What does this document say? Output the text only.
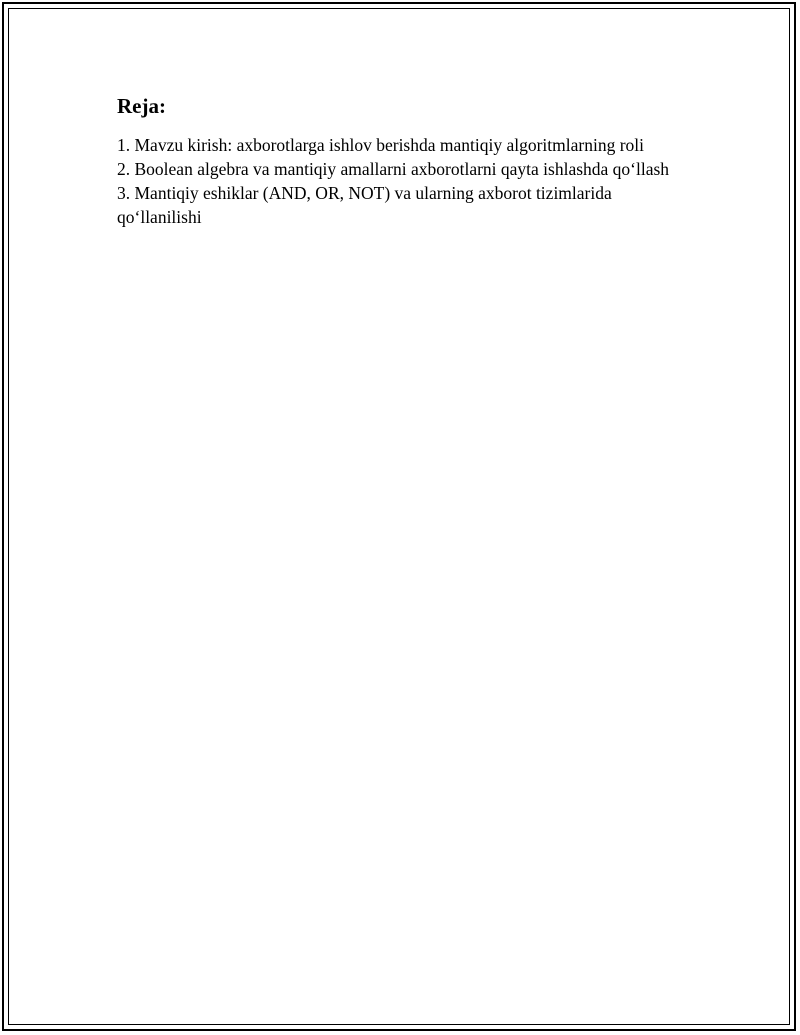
Reja:
1. Mavzu kirish: axborotlarga ishlov berishda mantiqiy algoritmlarning roli
2. Boolean algebra va mantiqiy amallarni axborotlarni qayta ishlashda qo‘llash
3. Mantiqiy eshiklar (AND, OR, NOT) va ularning axborot tizimlarida qo‘llanilishi
